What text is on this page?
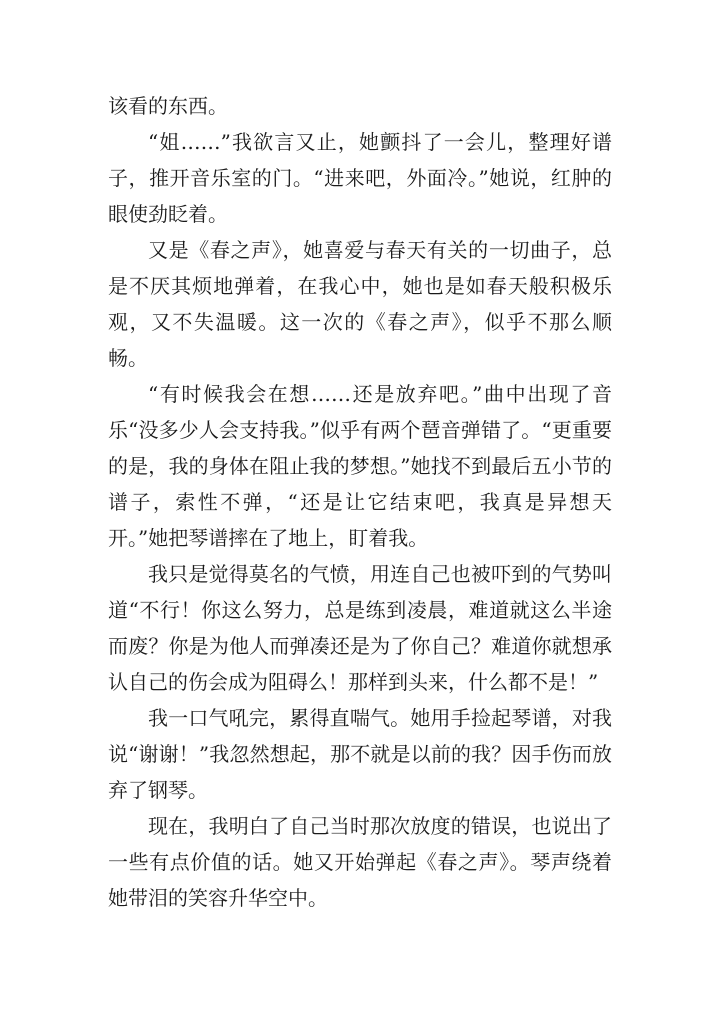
该看的东西。

“姐……”我欲言又止，她颤抖了一会儿，整理好谱子，推开音乐室的门。“进来吧，外面冷。”她说，红肿的眼使劲眨着。

又是《春之声》，她喜爱与春天有关的一切曲子，总是不厌其烦地弹着，在我心中，她也是如春天般积极乐观，又不失温暖。这一次的《春之声》，似乎不那么顺畅。

“有时候我会在想……还是放弃吧。”曲中出现了音乐“没多少人会支持我。”似乎有两个琶音弹错了。“更重要的是，我的身体在阻止我的梦想。”她找不到最后五小节的谱子，索性不弹，“还是让它结束吧，我真是异想天开。”她把琴谱摔在了地上，盯着我。

我只是觉得莫名的气愤，用连自己也被吓到的气势叫道“不行！你这么努力，总是练到凌晨，难道就这么半途而废？你是为他人而弹凑还是为了你自己？难道你就想承认自己的伤会成为阻碍么！那样到头来，什么都不是！”

我一口气吼完，累得直喘气。她用手捡起琴谱，对我说“谢谢！”我忽然想起，那不就是以前的我？因手伤而放弃了钢琴。

现在，我明白了自己当时那次放度的错误，也说出了一些有点价值的话。她又开始弹起《春之声》。琴声绕着她带泪的笑容升华空中。
